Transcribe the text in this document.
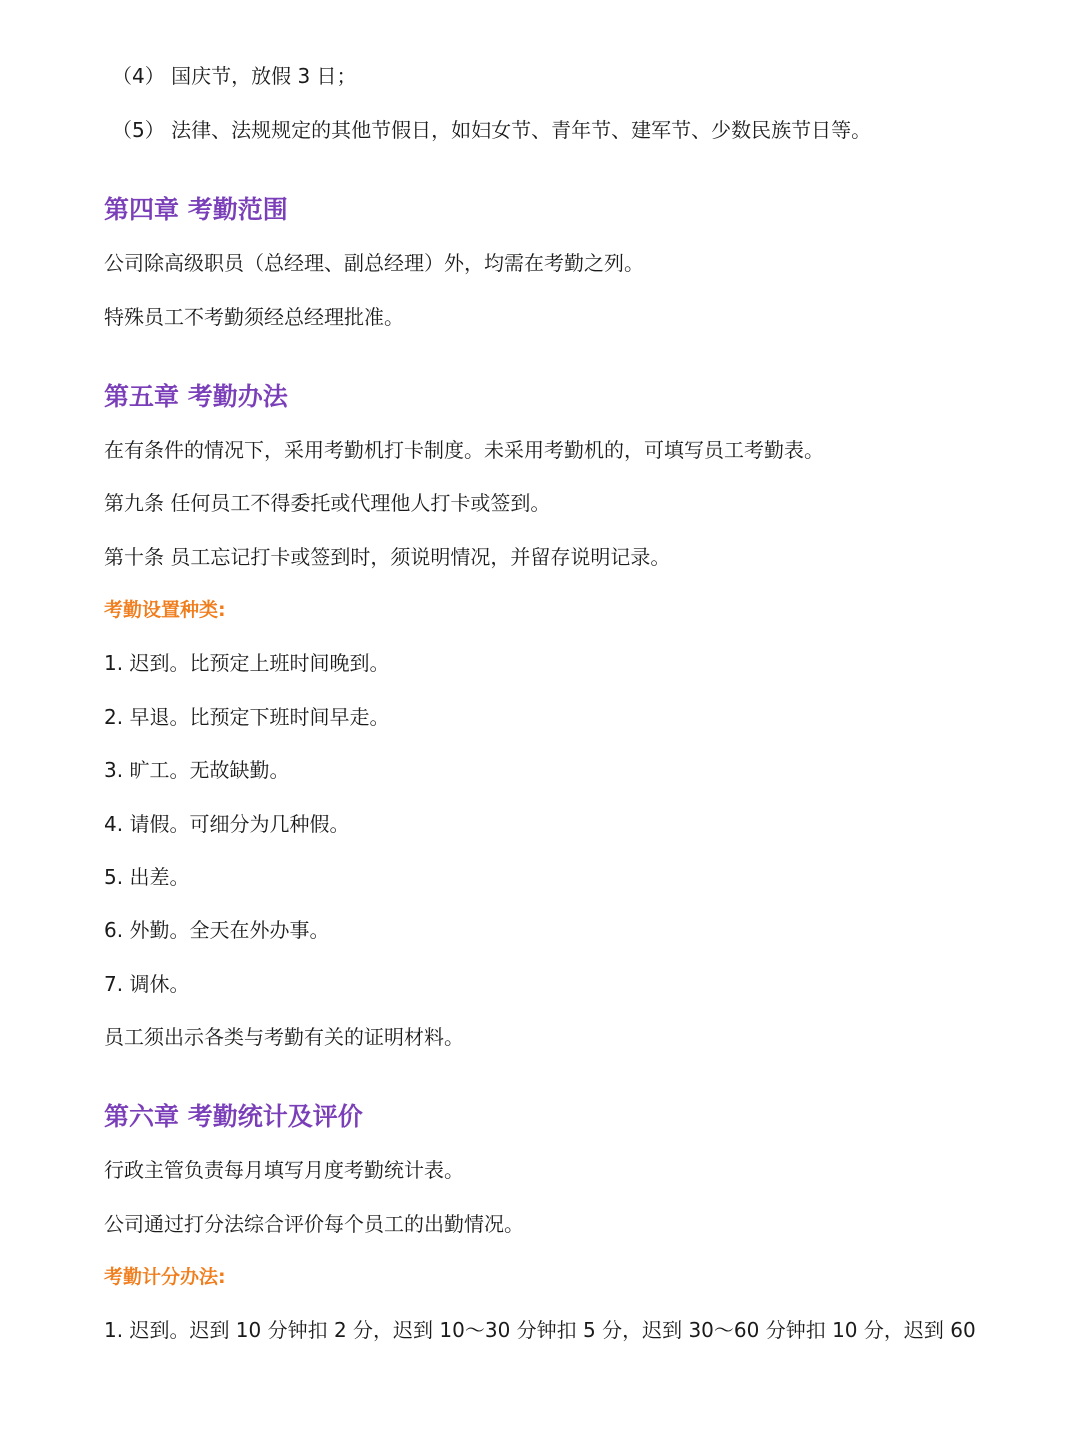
（4） 国庆节，放假 3 日；
（5） 法律、法规规定的其他节假日，如妇女节、青年节、建军节、少数民族节日等。
第四章 考勤范围
公司除高级职员（总经理、副总经理）外，均需在考勤之列。
特殊员工不考勤须经总经理批准。
第五章 考勤办法
在有条件的情况下，采用考勤机打卡制度。未采用考勤机的，可填写员工考勤表。
第九条 任何员工不得委托或代理他人打卡或签到。
第十条 员工忘记打卡或签到时，须说明情况，并留存说明记录。
考勤设置种类:
1. 迟到。比预定上班时间晚到。
2. 早退。比预定下班时间早走。
3. 旷工。无故缺勤。
4. 请假。可细分为几种假。
5. 出差。
6. 外勤。全天在外办事。
7. 调休。
员工须出示各类与考勤有关的证明材料。
第六章 考勤统计及评价
行政主管负责每月填写月度考勤统计表。
公司通过打分法综合评价每个员工的出勤情况。
考勤计分办法:
1. 迟到。迟到 10 分钟扣 2 分，迟到 10～30 分钟扣 5 分，迟到 30～60 分钟扣 10 分，迟到 60
